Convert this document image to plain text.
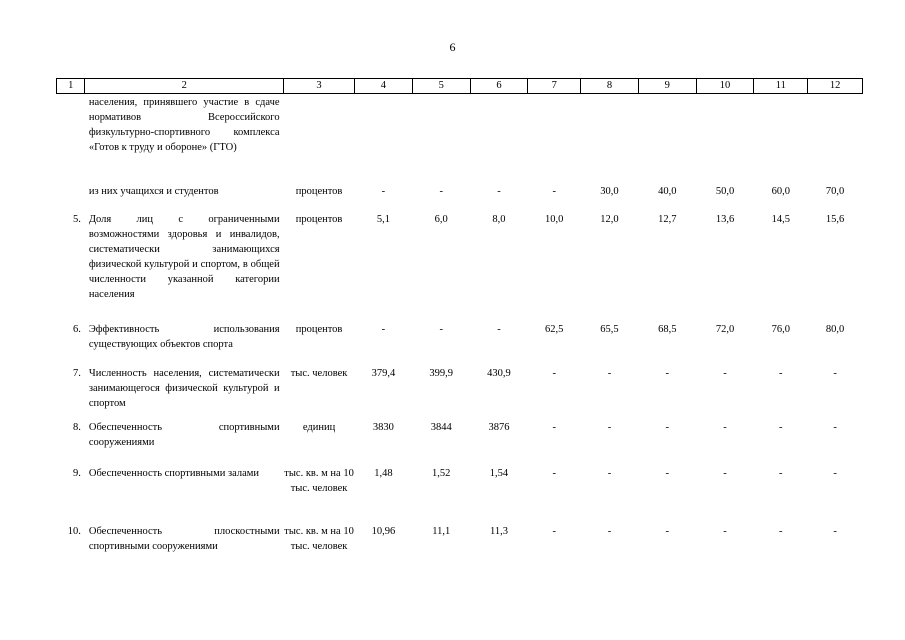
6
1	2	3	4	5	6	7	8	9	10	11	12
	населения, принявшего участие в сдаче нормативов Всероссийского физкультурно-спортивного комплекса «Готов к труду и обороне» (ГТО)										
	из них учащихся и студентов	процентов	-	-	-	-	30,0	40,0	50,0	60,0	70,0
5.	Доля лиц с ограниченными возможностями здоровья и инвалидов, систематически занимающихся физической культурой и спортом, в общей численности указанной категории населения	процентов	5,1	6,0	8,0	10,0	12,0	12,7	13,6	14,5	15,6
6.	Эффективность использования существующих объектов спорта	процентов	-	-	-	62,5	65,5	68,5	72,0	76,0	80,0
7.	Численность населения, систематически занимающегося физической культурой и спортом	тыс. человек	379,4	399,9	430,9	-	-	-	-	-	-
8.	Обеспеченность спортивными сооружениями	единиц	3830	3844	3876	-	-	-	-	-	-
9.	Обеспеченность спортивными залами	тыс. кв. м на 10 тыс. человек	1,48	1,52	1,54	-	-	-	-	-	-
10.	Обеспеченность плоскостными спортивными сооружениями	тыс. кв. м на 10 тыс. человек	10,96	11,1	11,3	-	-	-	-	-	-
